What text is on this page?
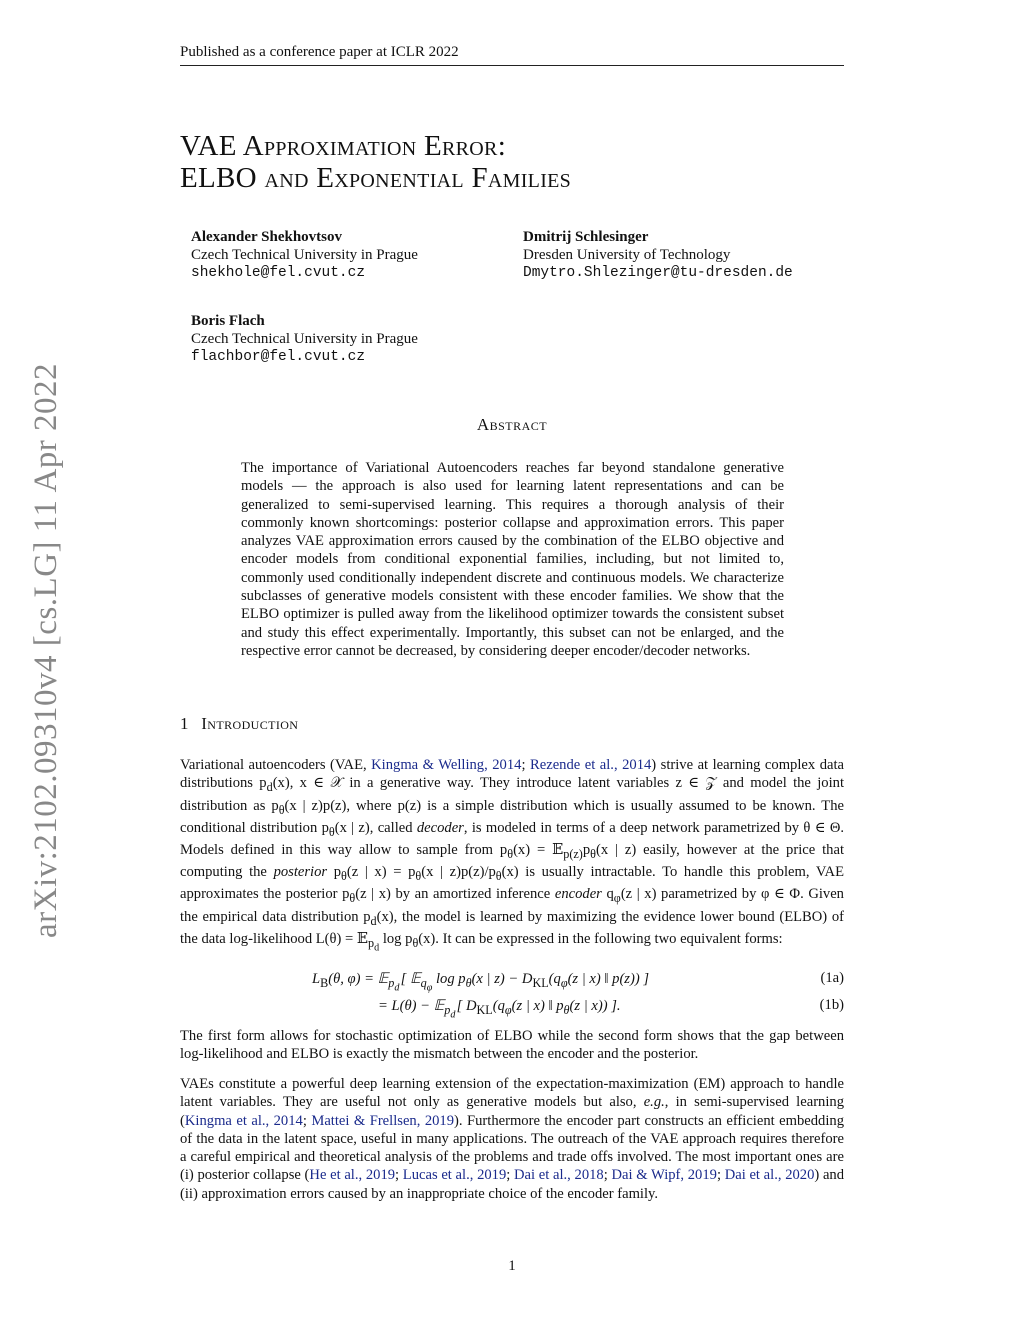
Published as a conference paper at ICLR 2022
VAE Approximation Error:
ELBO and Exponential Families
Alexander Shekhovtsov
Czech Technical University in Prague
shekhole@fel.cvut.cz
Dmitrij Schlesinger
Dresden University of Technology
Dmytro.Shlezinger@tu-dresden.de
Boris Flach
Czech Technical University in Prague
flachbor@fel.cvut.cz
arXiv:2102.09310v4 [cs.LG] 11 Apr 2022	Abstract
The importance of Variational Autoencoders reaches far beyond standalone generative models — the approach is also used for learning latent representations and can be generalized to semi-supervised learning. This requires a thorough analysis of their commonly known shortcomings: posterior collapse and approximation errors. This paper analyzes VAE approximation errors caused by the combination of the ELBO objective and encoder models from conditional exponential families, including, but not limited to, commonly used conditionally independent discrete and continuous models. We characterize subclasses of generative models consistent with these encoder families. We show that the ELBO optimizer is pulled away from the likelihood optimizer towards the consistent subset and study this effect experimentally. Importantly, this subset can not be enlarged, and the respective error cannot be decreased, by considering deeper encoder/decoder networks.
1 Introduction
Variational autoencoders (VAE, Kingma & Welling, 2014; Rezende et al., 2014) strive at learning complex data distributions $p_d(x)$, x ∈ 𝒳 in a generative way. They introduce latent variables z ∈ 𝒵 and model the joint distribution as $p_\theta(x$ | z)p(z), where p(z) is a simple distribution which is usually assumed to be known. The conditional distribution $p_\theta(x$ | z), called decoder, is modeled in terms of a deep network parametrized by θ ∈ Θ. Models defined in this way allow to sample from $p_\theta(x)$ = $𝔼_{p(z)}p_\theta(x$ | z) easily, however at the price that computing the posterior $p_\theta(z$ | $x) = p_\theta(x$ | $z)p(z)/p_\theta(x)$ is usually intractable. To handle this problem, VAE approximates the posterior $p_\theta(z$ | x) by an amortized inference encoder $q_\varphi(z$ | x) parametrized by φ ∈ Φ. Given the empirical data distribution $p_d(x)$, the model is learned by maximizing the evidence lower bound (ELBO) of the data log-likelihood L(θ) = 𝔼$_{p_d}$ $\log p_\theta(x)$. It can be expressed in the following two equivalent forms:
$L_B(\theta$, φ) = 𝔼$_{p_d}$ [ 𝔼$_{q_\varphi}$ $\log p_\theta(x$ | $z) - D_{KL}(q_\varphi(z$ | x) ‖ p(z)) ]	(1a)
= L(θ) − 𝔼$_{p_d}$ [ $D_{KL}(q_\varphi(z$ | x) ‖ $p_\theta(z$ | x)) ].	(1b)
The first form allows for stochastic optimization of ELBO while the second form shows that the gap between log-likelihood and ELBO is exactly the mismatch between the encoder and the posterior.
VAEs constitute a powerful deep learning extension of the expectation-maximization (EM) approach to handle latent variables. They are useful not only as generative models but also, e.g., in semi-supervised learning (Kingma et al., 2014; Mattei & Frellsen, 2019). Furthermore the encoder part constructs an efficient embedding of the data in the latent space, useful in many applications. The outreach of the VAE approach requires therefore a careful empirical and theoretical analysis of the problems and trade offs involved. The most important ones are (i) posterior collapse (He et al., 2019; Lucas et al., 2019; Dai et al., 2018; Dai & Wipf, 2019; Dai et al., 2020) and (ii) approximation errors caused by an inappropriate choice of the encoder family.
1
